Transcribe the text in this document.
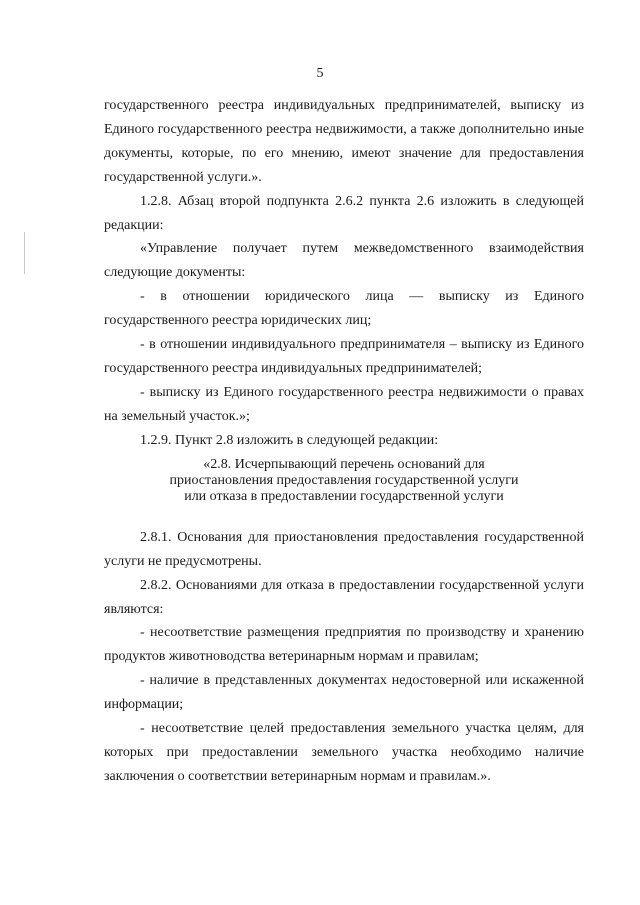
5

государственного реестра индивидуальных предпринимателей, выписку из Единого государственного реестра недвижимости, а также дополнительно иные документы, которые, по его мнению, имеют значение для предоставления государственной услуги.».

1.2.8. Абзац второй подпункта 2.6.2 пункта 2.6 изложить в следующей редакции:

«Управление получает путем межведомственного взаимодействия следующие документы:

- в отношении юридического лица — выписку из Единого государственного реестра юридических лиц;

- в отношении индивидуального предпринимателя – выписку из Единого государственного реестра индивидуальных предпринимателей;

- выписку из Единого государственного реестра недвижимости о правах на земельный участок.»;

1.2.9. Пункт 2.8 изложить в следующей редакции:

«2.8. Исчерпывающий перечень оснований для
приостановления предоставления государственной услуги
или отказа в предоставлении государственной услуги

2.8.1. Основания для приостановления предоставления государственной услуги не предусмотрены.

2.8.2. Основаниями для отказа в предоставлении государственной услуги являются:

- несоответствие размещения предприятия по производству и хранению продуктов животноводства ветеринарным нормам и правилам;

- наличие в представленных документах недостоверной или искаженной информации;

- несоответствие целей предоставления земельного участка целям, для которых при предоставлении земельного участка необходимо наличие заключения о соответствии ветеринарным нормам и правилам.».
